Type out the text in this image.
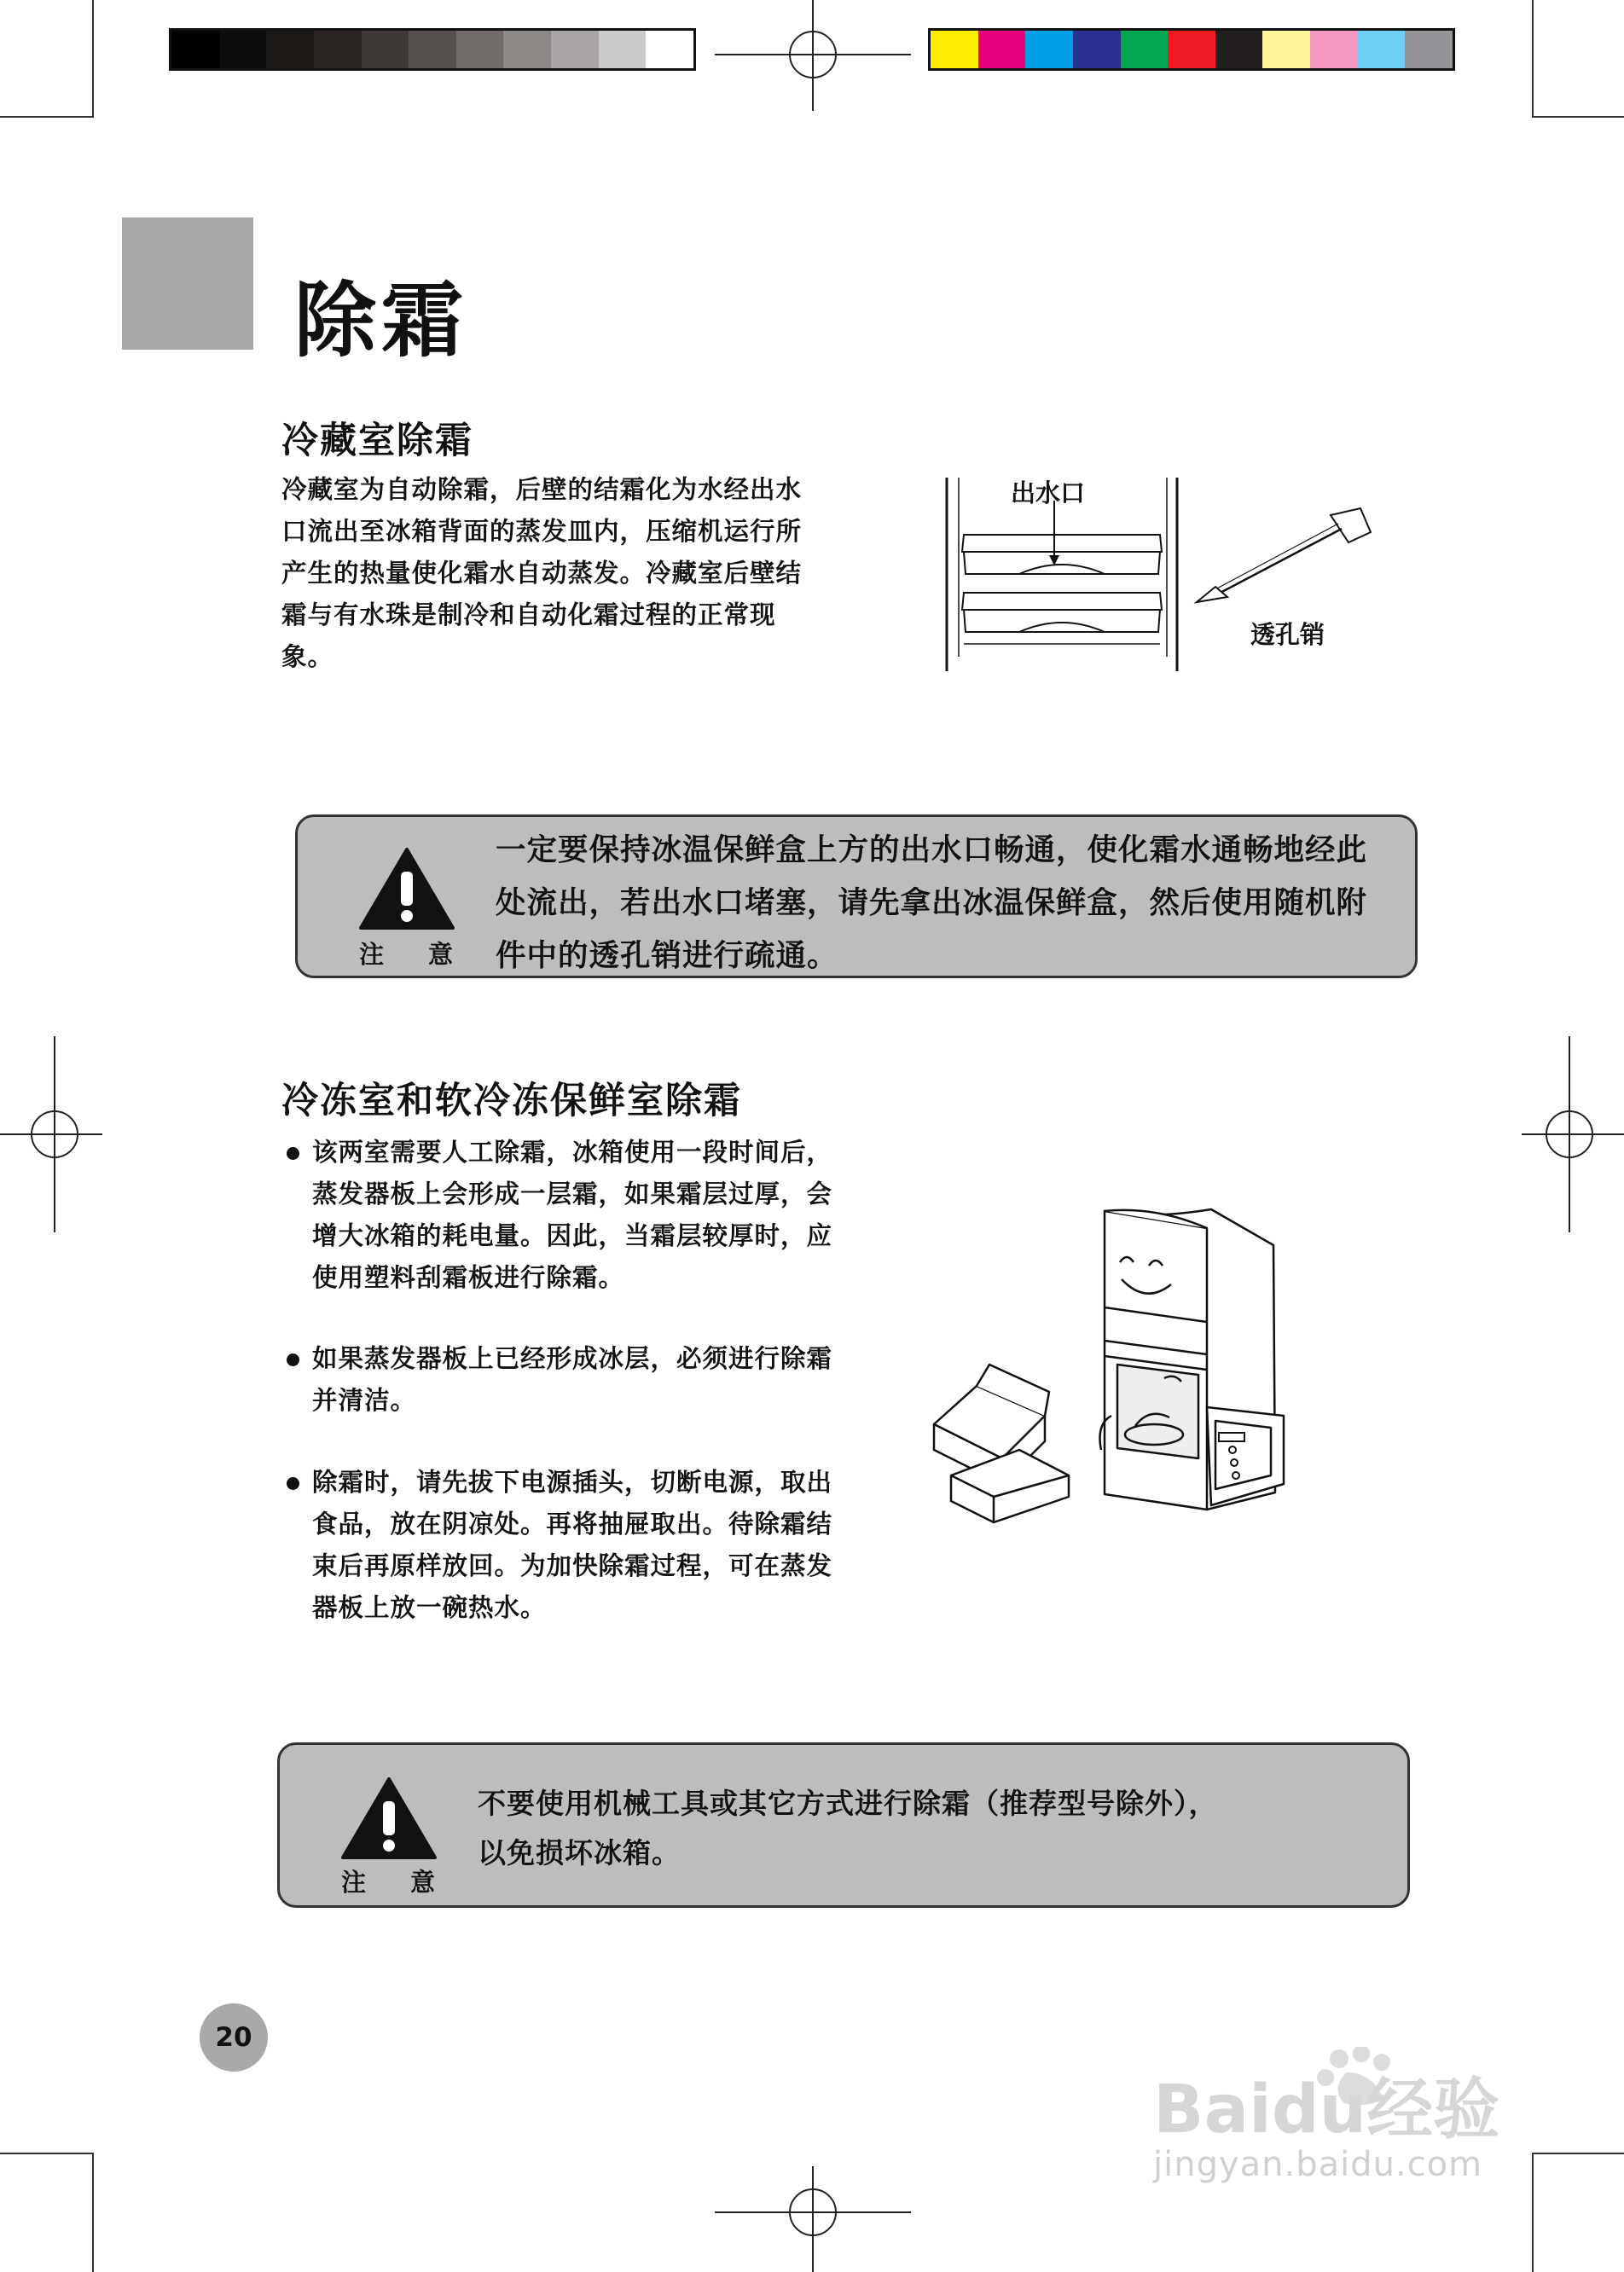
除霜
冷藏室除霜

冷藏室为自动除霜，后壁的结霜化为水经出水

口流出至冰箱背面的蒸发皿内，压缩机运行所

产生的热量使化霜水自动蒸发。冷藏室后壁结

霜与有水珠是制冷和自动化霜过程的正常现

象。

出水口
透孔销
注意
一定要保持冰温保鲜盒上方的出水口畅通，使化霜水通畅地经此
处流出，若出水口堵塞，请先拿出冰温保鲜盒，然后使用随机附
件中的透孔销进行疏通。
冷冻室和软冷冻保鲜室除霜
该两室需要人工除霜，冰箱使用一段时间后，
蒸发器板上会形成一层霜，如果霜层过厚，会
增大冰箱的耗电量。因此，当霜层较厚时，应
使用塑料刮霜板进行除霜。
如果蒸发器板上已经形成冰层，必须进行除霜
并清洁。
除霜时，请先拔下电源插头，切断电源，取出
食品，放在阴凉处。再将抽屉取出。待除霜结
束后再原样放回。为加快除霜过程，可在蒸发
器板上放一碗热水。
注意
不要使用机械工具或其它方式进行除霜（推荐型号除外），
以免损坏冰箱。
20
Baidu经验
jingyan.baidu.com
